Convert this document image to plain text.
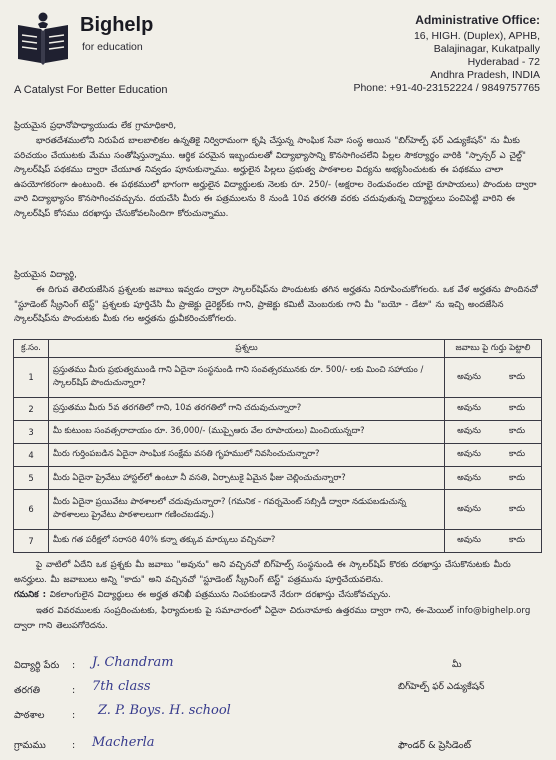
Bighelp
for education
A Catalyst For Better Education
Administrative Office:
16, HIGH. (Duplex), APHB,
Balajinagar, Kukatpally
Hyderabad - 72
Andhra Pradesh, INDIA
Phone: +91-40-23152224 / 9849757765
ప్రియమైన ప్రధానోపాధ్యాయుడు లేక గ్రామాధికారి,
భారతదేశములోని నిరుపేద బాలబాలికల ఉన్నతికై నిర్విరామంగా కృషి చేస్తున్న సాంఘిక సేవా సంస్థ అయిన "బిగ్‌హెల్ప్ ఫర్ ఎడ్యుకేషన్" ను మీకు పరిచయం చేయుటకు మేము సంతోషిస్తున్నాము. ఆర్థిక పరమైన ఇబ్బందులతో విద్యాభ్యాసాన్ని కొనసాగించలేని పిల్లల సౌకర్యార్థం వారికి "స్పాన్సర్ ఎ చైల్డ్" స్కాలర్‌షిప్ పథకము ద్వారా చేయూత నివ్వడం పూనుకున్నాము. అర్హులైన పిల్లలు ప్రభుత్వ పాఠశాలల విద్యను అభ్యసించుటకు ఈ పథకము చాలా ఉపయోగకరంగా ఉంటుంది. ఈ పథకములో భాగంగా అర్హులైన విద్యార్థులకు నెలకు రూ. 250/- (అక్షరాల రెండువందల యాభై రూపాయలు) పొందుట ద్వారా వారి విద్యాభ్యాసం కొనసాగించవచ్చును. దయచేసి మీరు ఈ పత్రములను 8 నుండి 10వ తరగతి వరకు చదువుతున్న విద్యార్థులు పంచిపెట్టి వారిని ఈ స్కాలర్‌షిప్ కోసము దరఖాస్తు చేసుకోవలసిందిగా కోరుచున్నాము.
ప్రియమైన విద్యార్థి,
ఈ దిగువ తెలియజేసిన ప్రశ్నలకు జవాబు ఇవ్వడం ద్వారా స్కాలర్‌షిప్‌ను పొందుటకు తగిన అర్హతను నిరూపించుకోగలరు. ఒక వేళ అర్హతను పొందినచో "స్టూడెంట్ స్క్రీనింగ్ టెస్ట్" ప్రశ్నలకు పూర్తిచేసి మీ ప్రాజెక్టు డైరెక్టర్‌కు గాని, ప్రాజెక్టు కమిటీ మెంబరుకు గాని మీ "బయో - డేటా" ను ఇచ్చి అందజేసిన స్కాలర్‌షిప్‌ను పొందుటకు మీకు గల అర్హతను ధ్రువీకరించుకోగలరు.
క్ర.సం.	ప్రశ్నలు	జవాబు పై గుర్తు పెట్టాలి	
1	ప్రస్తుతము మీరు ప్రభుత్వముండి గాని ఏదైనా సంస్థనుండి గాని సంవత్సరమునకు రూ. 500/- లకు మించి సహాయం / స్కాలర్‌షిప్ పొందుచున్నారా?	అవును	కాదు
2	ప్రస్తుతము మీరు 5వ తరగతిలో గాని, 10వ తరగతిలో గాని చదువుచున్నారా?	అవును	కాదు
3	మీ కుటుంబ సంవత్సరాదాయం రూ. 36,000/- (ముప్పైఆరు వేల రూపాయలు) మించియున్నదా?	అవును	కాదు
4	మీరు గుర్తింపబడిన ఏదైనా సాంఘిక సంక్షేమ వసతి గృహములో నివసించుచున్నారా?	అవును	కాదు
5	మీరు ఏదైనా ప్రైవేటు హాస్టల్‌లో ఉంటూ నీ వసతి, ఏర్పాటుకై ఏమైన ఫీజు చెల్లించుచున్నారా?	అవును	కాదు
6	మీరు ఏదైనా ప్రయివేటు పాఠశాలలో చదువుచున్నారా? (గమనిక - గవర్నమెంట్ సబ్సిడీ ద్వారా నడుపబడుచున్న పాఠశాలలు ప్రైవేటు పాఠశాలలుగా గణించబడవు.)	అవును	కాదు
7	మీకు గత పరీక్షలో సరాసరి 40% కన్నా తక్కువ మార్కులు వచ్చినవా?	అవును	కాదు
పై వాటిలో ఏదేని ఒక ప్రశ్నకు మీ జవాబు "అవును" అని వచ్చినచో బిగ్‌హెల్ప్ సంస్థనుండి ఈ స్కాలర్‌షిప్‌ కొరకు దరఖాస్తు చేసుకొనుటకు మీరు అనర్హులు. మీ జవాబులు అన్ని "కాదు" అని వచ్చినచో "స్టూడెంట్ స్క్రీనింగ్ టెస్ట్" పత్రమును పూర్తిచేయవలెను.
గమనిక : వికలాంగులైన విద్యార్థులు ఈ అర్హత తనిఖీ పత్రమును నింపకుండానే నేరుగా దరఖాస్తు చేసుకోవచ్చును.
ఇతర వివరములకు సంప్రదించుటకు, ఫిర్యాదులకు పై సమాచారంలో ఏదైనా చిరునామాకు ఉత్తరము ద్వారా గాని, ఈ-మెయిల్ info@bighelp.org ద్వారా గాని తెలుపగోరెదను.
విద్యార్థి పేరు : J. Chandram
తరగతి	: 7th class
పాఠశాల	: Z. P. Boys. H. school
గ్రామము	: Macherla
మీ
బిగ్‌హెల్ప్ ఫర్ ఎడ్యుకేషన్
ఫౌండర్ & ప్రెసిడెంట్
